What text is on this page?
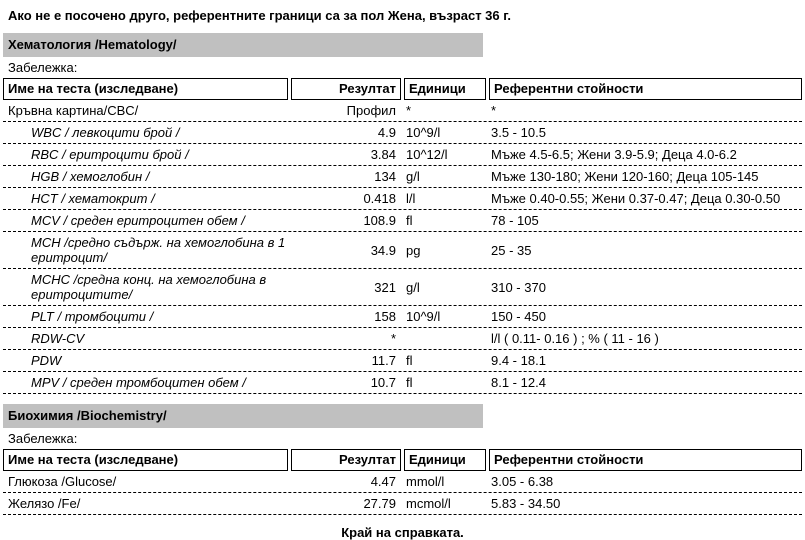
Ако не е посочено друго, референтните граници са за пол Жена, възраст 36 г.
Хематология /Hematology/
Забележка:
Име на теста (изследване)	Резултат	Единици	Референтни стойности
Кръвна картина/CBC/	Профил *	*
WBC / левкоцити брой /	4.9 10^9/l	3.5 - 10.5
RBC / еритроцити брой /	3.84 10^12/l	Мъже 4.5-6.5; Жени 3.9-5.9; Деца 4.0-6.2
HGB / хемоглобин /	134 g/l	Мъже 130-180; Жени 120-160; Деца 105-145
HCT / хематокрит /	0.418 l/l	Мъже 0.40-0.55; Жени 0.37-0.47; Деца 0.30-0.50
MCV / среден еритроцитен обем /	108.9 fl	78 - 105
MCH /средно съдърж. на хемоглобина в 1 еритроцит/	34.9 pg	25 - 35
MCHC /средна конц. на хемоглобина в еритроцитите/	321 g/l	310 - 370
PLT / тромбоцити /	158 10^9/l	150 - 450
RDW-CV	*	l/l ( 0.11- 0.16 ) ; % ( 11 - 16 )
PDW	11.7 fl	9.4 - 18.1
MPV / среден тромбоцитен обем /	10.7 fl	8.1 - 12.4
Биохимия /Biochemistry/
Забележка:
Име на теста (изследване)	Резултат	Единици	Референтни стойности
Глюкоза /Glucose/	4.47 mmol/l	3.05 - 6.38
Желязо /Fe/	27.79 mcmol/l	5.83 - 34.50
Край на справката.
